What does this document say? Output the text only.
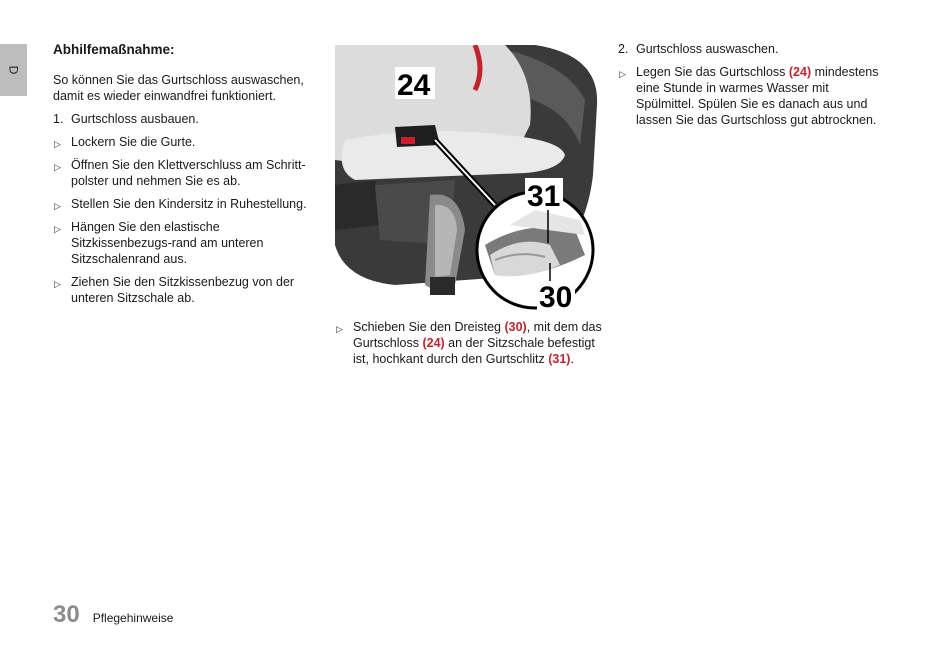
D
Abhilfemaßnahme:

So können Sie das Gurtschloss auswaschen, damit es wieder einwandfrei funktioniert.

1. Gurtschloss ausbauen.
▷ Lockern Sie die Gurte.
▷ Öffnen Sie den Klettverschluss am Schritt-polster und nehmen Sie es ab.
▷ Stellen Sie den Kindersitz in Ruhestellung.
▷ Hängen Sie den elastische Sitzkissenbezugs-rand am unteren Sitzschalenrand aus.
▷ Ziehen Sie den Sitzkissenbezug von der unteren Sitzschale ab.
24
31
30
▷ Schieben Sie den Dreisteg (30), mit dem das Gurtschloss (24) an der Sitzschale befestigt ist, hochkant durch den Gurtschlitz (31).
2. Gurtschloss auswaschen.
▷ Legen Sie das Gurtschloss (24) mindestens eine Stunde in warmes Wasser mit Spülmittel. Spülen Sie es danach aus und lassen Sie das Gurtschloss gut abtrocknen.
30 Pflegehinweise
